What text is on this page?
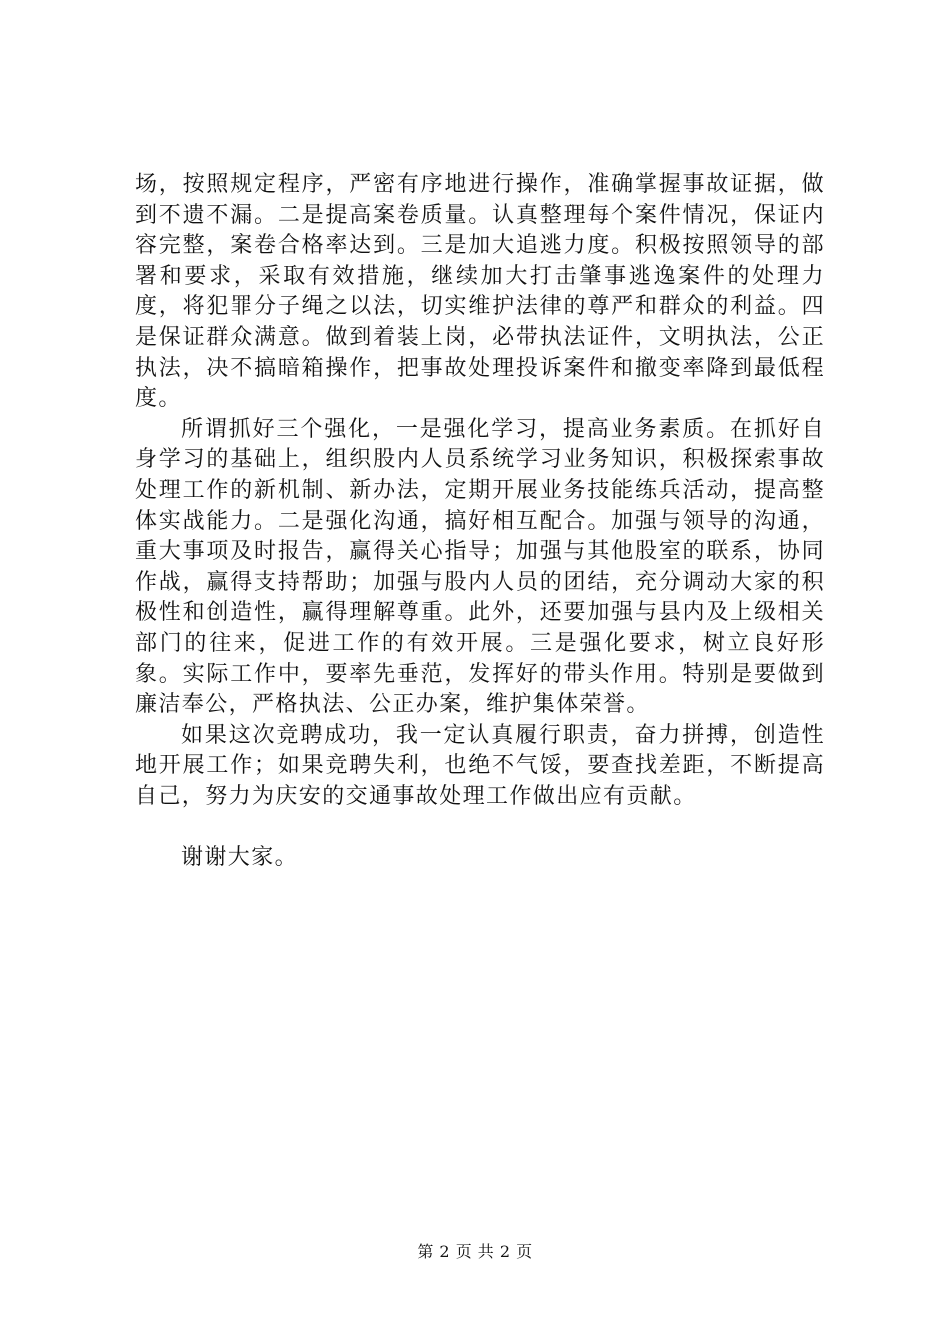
场，按照规定程序，严密有序地进行操作，准确掌握事故证据，做到不遗不漏。二是提高案卷质量。认真整理每个案件情况，保证内容完整，案卷合格率达到。三是加大追逃力度。积极按照领导的部署和要求，采取有效措施，继续加大打击肇事逃逸案件的处理力度，将犯罪分子绳之以法，切实维护法律的尊严和群众的利益。四是保证群众满意。做到着装上岗，必带执法证件，文明执法，公正执法，决不搞暗箱操作，把事故处理投诉案件和撤变率降到最低程度。

所谓抓好三个强化，一是强化学习，提高业务素质。在抓好自身学习的基础上，组织股内人员系统学习业务知识，积极探索事故处理工作的新机制、新办法，定期开展业务技能练兵活动，提高整体实战能力。二是强化沟通，搞好相互配合。加强与领导的沟通，重大事项及时报告，赢得关心指导；加强与其他股室的联系，协同作战，赢得支持帮助；加强与股内人员的团结，充分调动大家的积极性和创造性，赢得理解尊重。此外，还要加强与县内及上级相关部门的往来，促进工作的有效开展。三是强化要求，树立良好形象。实际工作中，要率先垂范，发挥好的带头作用。特别是要做到廉洁奉公，严格执法、公正办案，维护集体荣誉。

如果这次竞聘成功，我一定认真履行职责，奋力拼搏，创造性地开展工作；如果竞聘失利，也绝不气馁，要查找差距，不断提高自己，努力为庆安的交通事故处理工作做出应有贡献。

谢谢大家。

第 2 页 共 2 页
